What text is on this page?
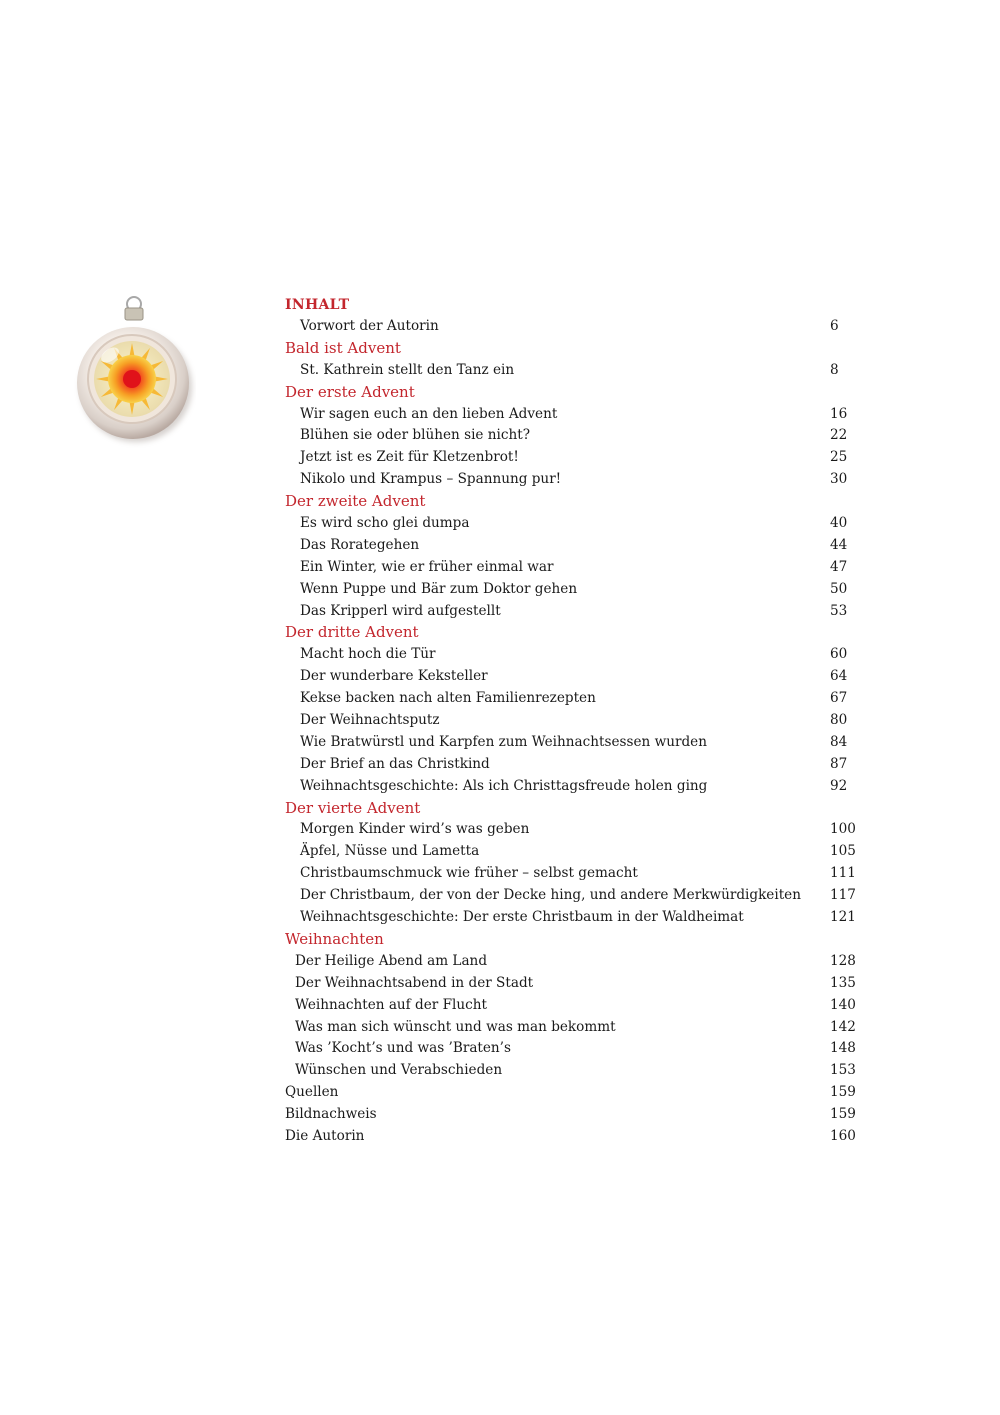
INHALT
Vorwort der Autorin	6
Bald ist Advent
St. Kathrein stellt den Tanz ein	8
Der erste Advent
Wir sagen euch an den lieben Advent	16
Blühen sie oder blühen sie nicht?	22
Jetzt ist es Zeit für Kletzenbrot!	25
Nikolo und Krampus – Spannung pur!	30
Der zweite Advent
Es wird scho glei dumpa	40
Das Rorategehen	44
Ein Winter, wie er früher einmal war	47
Wenn Puppe und Bär zum Doktor gehen	50
Das Kripperl wird aufgestellt	53
Der dritte Advent
Macht hoch die Tür	60
Der wunderbare Keksteller	64
Kekse backen nach alten Familienrezepten	67
Der Weihnachtsputz	80
Wie Bratwürstl und Karpfen zum Weihnachtsessen wurden	84
Der Brief an das Christkind	87
Weihnachtsgeschichte: Als ich Christtagsfreude holen ging	92
Der vierte Advent
Morgen Kinder wird’s was geben	100
Äpfel, Nüsse und Lametta	105
Christbaumschmuck wie früher – selbst gemacht	111
Der Christbaum, der von der Decke hing, und andere Merkwürdigkeiten	117
Weihnachtsgeschichte: Der erste Christbaum in der Waldheimat	121
Weihnachten
Der Heilige Abend am Land	128
Der Weihnachtsabend in der Stadt	135
Weihnachten auf der Flucht	140
Was man sich wünscht und was man bekommt	142
Was ’Kocht’s und was ’Braten’s	148
Wünschen und Verabschieden	153
Quellen	159
Bildnachweis	159
Die Autorin	160
